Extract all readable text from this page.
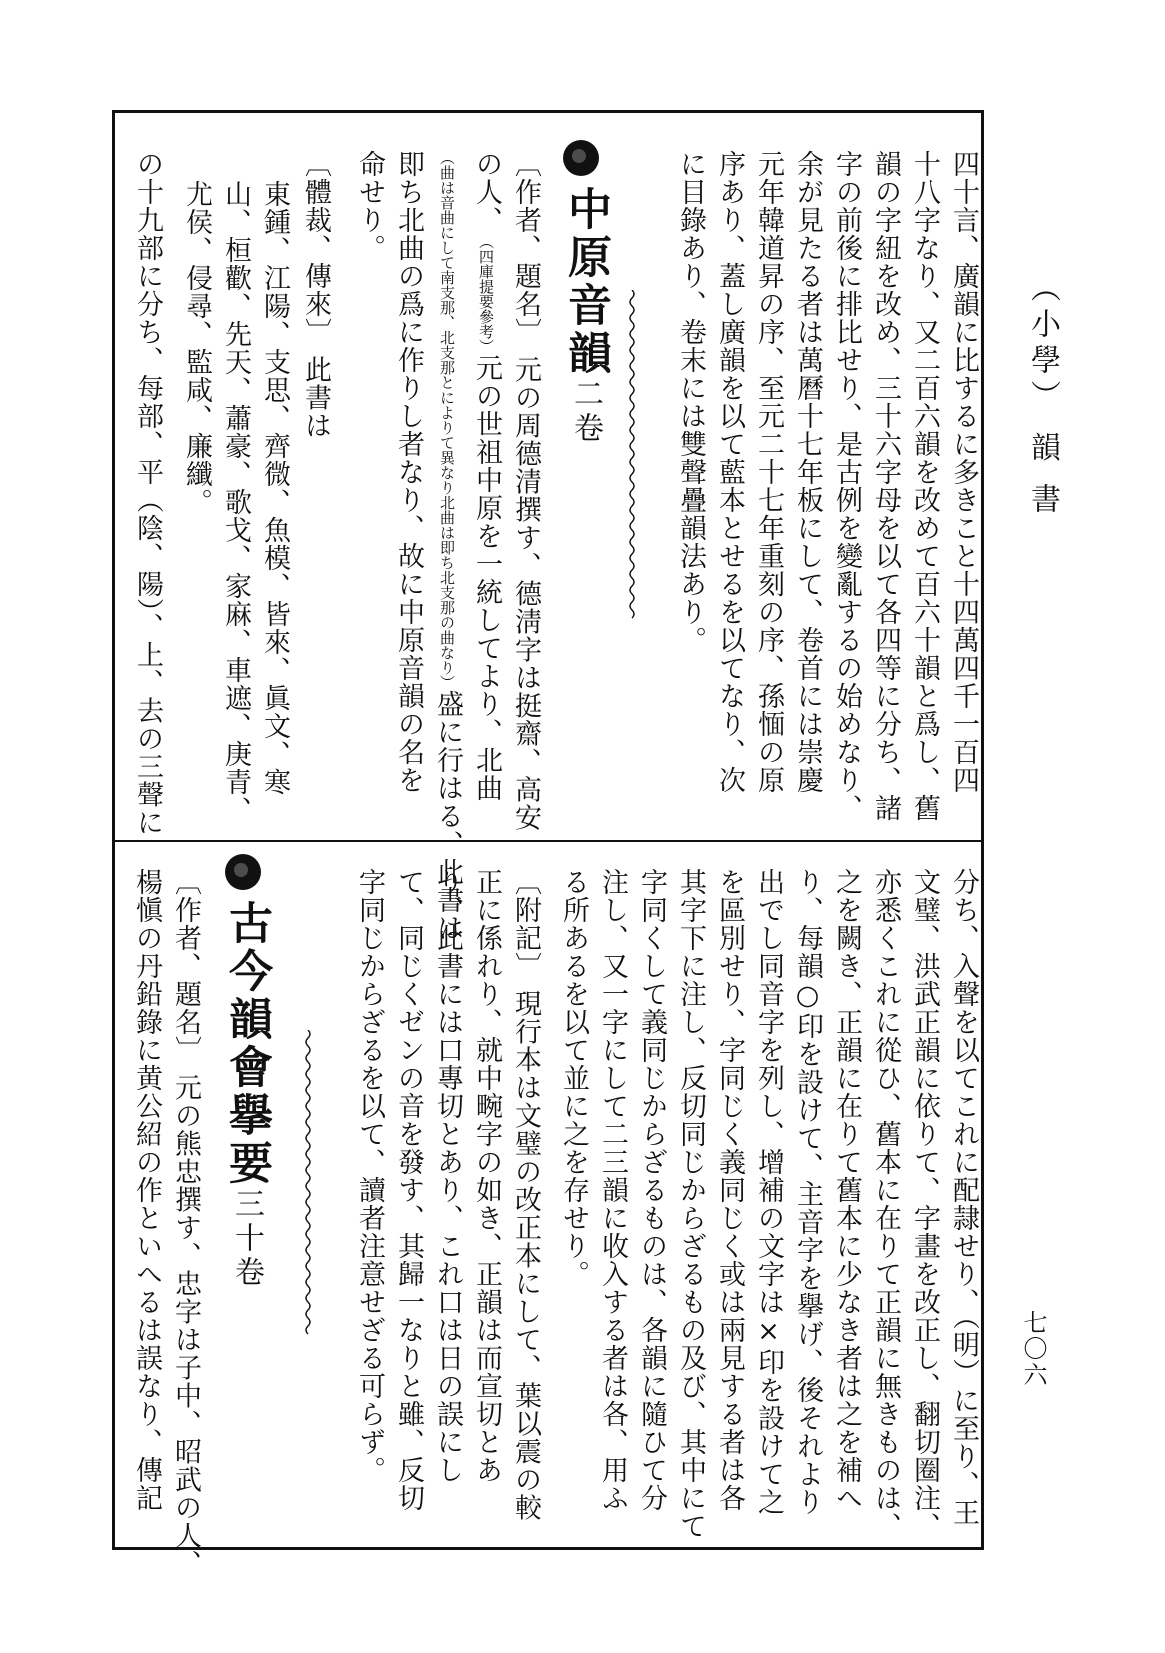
（小學） 韻 書
七〇六
四十言、廣韻に比するに多きこと十四萬四千一百四
十八字なり、又二百六韻を改めて百六十韻と爲し、舊
韻の字紐を改め、三十六字母を以て各四等に分ち、諸
字の前後に排比せり、是古例を變亂するの始めなり、
余が見たる者は萬曆十七年板にして、卷首には崇慶
元年韓道昇の序、至元二十七年重刻の序、孫愐の原
序あり、蓋し廣韻を以て藍本とせるを以てなり、次
に目錄あり、卷末には雙聲疊韻法あり。
中原音韻二卷
〔作者、題名〕 元の周德清撰す、德淸字は挺齋、高安
の人、（四庫提要參考）元の世祖中原を一統してより、北曲
（曲は音曲にして南支那、北支那とによりて異なり北曲は即ち北支那の曲なり）盛に行はる、此書は
即ち北曲の爲に作りし者なり、故に中原音韻の名を
命せり。
〔體裁、傳來〕 此書は
東鍾、江陽、支思、齊微、魚模、皆來、眞文、寒
山、桓歡、先天、蕭豪、歌戈、家麻、車遮、庚青、
尤侯、侵尋、監咸、廉纖。
の十九部に分ち、每部、平（陰、陽）、上、去の三聲に
分ち、入聲を以てこれに配隷せり、（明）に至り、王
文璧、洪武正韻に依りて、字畫を改正し、翻切圈注、
亦悉くこれに從ひ、舊本に在りて正韻に無きものは、
之を闕き、正韻に在りて舊本に少なき者は之を補へ
り、每韻○印を設けて、主音字を擧げ、後それより
出でし同音字を列し、增補の文字は×印を設けて之
を區別せり、字同じく義同じく或は兩見する者は各
其字下に注し、反切同じからざるもの及び、其中にて
字同くして義同じからざるものは、各韻に隨ひて分
注し、又一字にして二三韻に收入する者は各、用ふ
る所あるを以て並に之を存せり。
〔附記〕 現行本は文璧の改正本にして、葉以震の較
正に係れり、就中畹字の如き、正韻は而宣切とあ
り、此書には口專切とあり、これ口は日の誤にし
て、同じくゼンの音を發す、其歸一なりと雖、反切
字同じからざるを以て、讀者注意せざる可らず。
古今韻會擧要三十卷
〔作者、題名〕 元の熊忠撰す、忠字は子中、昭武の人、
楊愼の丹鉛錄に黄公紹の作といへるは誤なり、傳記
